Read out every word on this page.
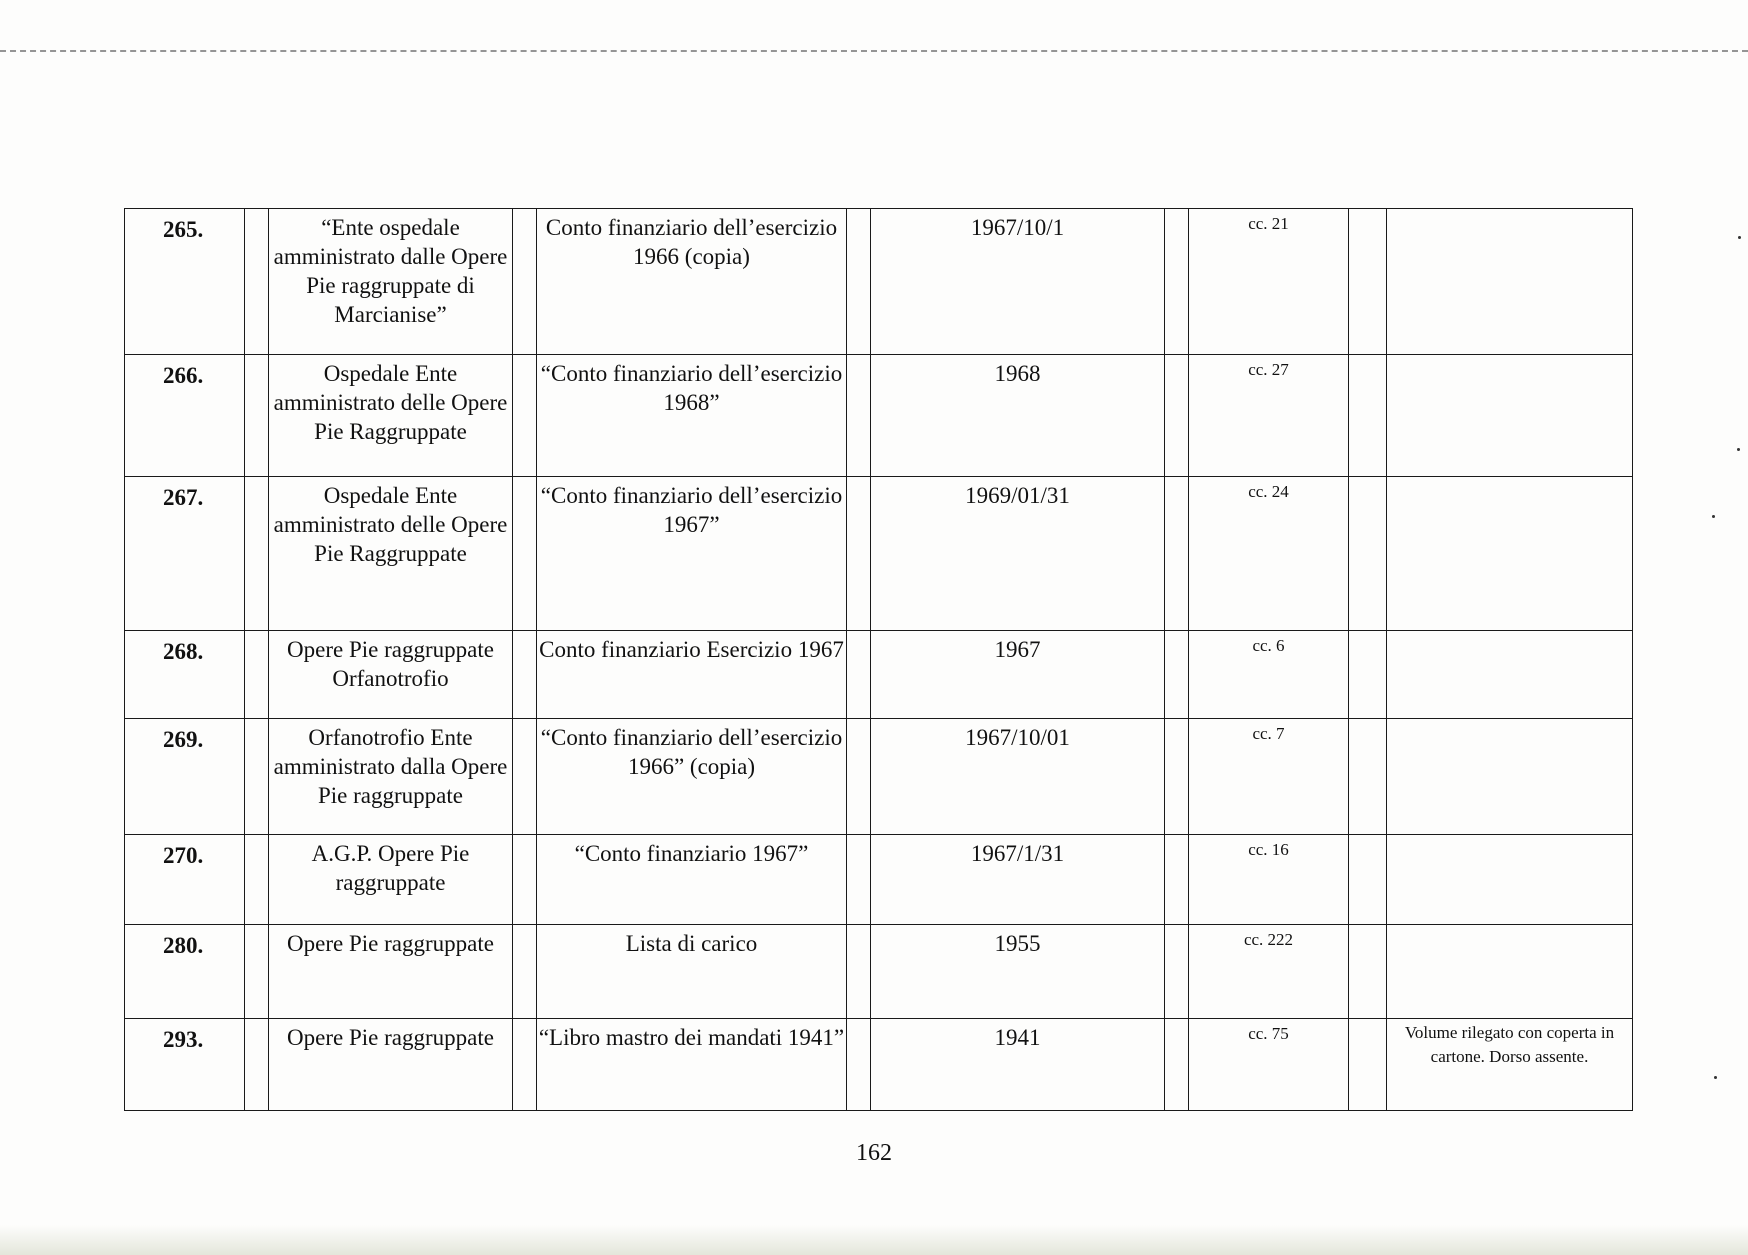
265.		“Ente ospedale amministrato dalle Opere Pie raggruppate di Marcianise”		Conto finanziario dell’esercizio 1966 (copia)		1967/10/1		cc. 21		
266.		Ospedale Ente amministrato delle Opere Pie Raggruppate		“Conto finanziario dell’esercizio 1968”		1968		cc. 27		
267.		Ospedale Ente amministrato delle Opere Pie Raggruppate		“Conto finanziario dell’esercizio 1967”		1969/01/31		cc. 24		
268.		Opere Pie raggruppate Orfanotrofio		Conto finanziario Esercizio 1967		1967		cc. 6		
269.		Orfanotrofio Ente amministrato dalla Opere Pie raggruppate		“Conto finanziario dell’esercizio 1966” (copia)		1967/10/01		cc. 7		
270.		A.G.P. Opere Pie raggruppate		“Conto finanziario 1967”		1967/1/31		cc. 16		
280.		Opere Pie raggruppate		Lista di carico		1955		cc. 222		
293.		Opere Pie raggruppate		“Libro mastro dei mandati 1941”		1941		cc. 75		Volume rilegato con coperta in cartone. Dorso assente.
162
